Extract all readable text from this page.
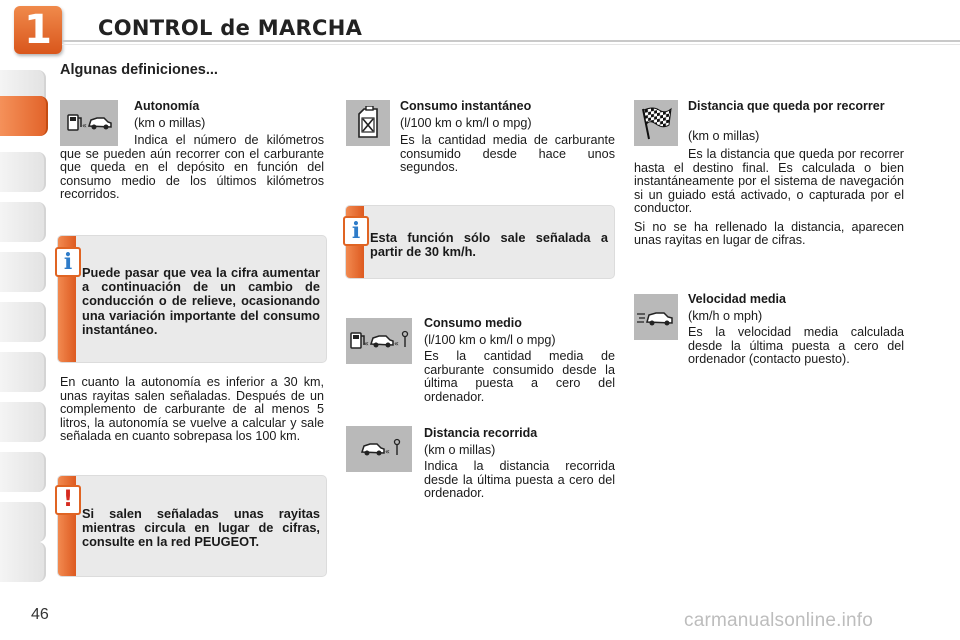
1	CONTROL de MARCHA
Algunas definiciones...
«
Autonomía
(km o millas)
Indica el número de kilómetros que se pueden aún recorrer con el carburante que queda en el depósito en función del consumo medio de los últimos kilómetros recorridos.
Puede pasar que vea la cifra aumentar a continuación de un cambio de conducción o de relieve, ocasionando una variación importante del consumo instantáneo.
i
En cuanto la autonomía es inferior a 30 km, unas rayitas salen señaladas. Después de un complemento de carburante de al menos 5 litros, la autonomía se vuelve a calcular y sale señalada en cuanto sobrepasa los 100 km.
Si salen señaladas unas rayitas mientras circula en lugar de cifras, consulte en la red PEUGEOT.
!
Consumo instantáneo
(l/100 km o km/l o mpg)
Es la cantidad media de carburante consumido desde hace unos segundos.
Esta función sólo sale señalada a partir de 30 km/h.
i
«	«
Consumo medio
(l/100 km o km/l o mpg)
Es la cantidad media de carburante consumido desde la última puesta a cero del ordenador.
«
Distancia recorrida
(km o millas)
Indica la distancia recorrida desde la última puesta a cero del ordenador.
Distancia que queda por recorrer
(km o millas)

Es la distancia que queda por recorrer hasta el destino final. Es calculada o bien instantáneamente por el sistema de navegación si un guiado está activado, o capturada por el conductor.

Si no se ha rellenado la distancia, aparecen unas rayitas en lugar de cifras.

Velocidad media
(km/h o mph)
Es la velocidad media calculada desde la última puesta a cero del ordenador (contacto puesto).
46	carmanualsonline.info
